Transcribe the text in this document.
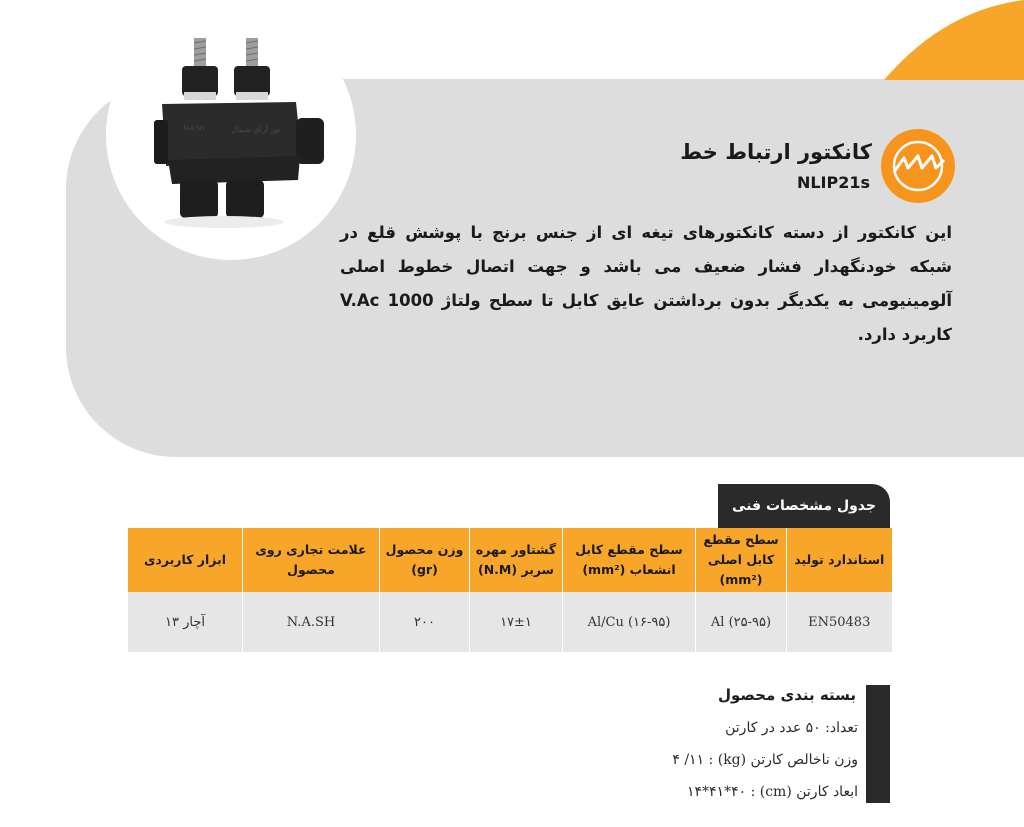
نور آرای شمال
N.A.SH
کانکتور ارتباط خط
NLIP21s
این کانکتور از دسته کانکتورهای تیغه ای از جنس برنج با پوشش قلع در شبکه خودنگهدار فشار ضعیف می باشد و جهت اتصال خطوط اصلی آلومینیومی به یکدیگر بدون برداشتن عایق کابل تا سطح ولتاژ 1000 V.Ac کاربرد دارد.
جدول مشخصات فنی
ابزار کاربردی	علامت تجاری روی محصول	وزن محصول (gr)	گشتاور مهره سربر (N.M)	سطح مقطع کابل انشعاب (mm²)	سطح مقطع کابل اصلی (mm²)	استاندارد تولید
آچار ۱۳	N.A.SH	۲۰۰	۱۷±۱	Al/Cu (۱۶-۹۵)	Al (۲۵-۹۵)	EN50483
بسته بندی محصول
تعداد: ۵۰ عدد در کارتن
وزن ناخالص کارتن (kg) : ۴ /۱۱
ابعاد کارتن (cm) : ۱۴*۴۱*۴۰
